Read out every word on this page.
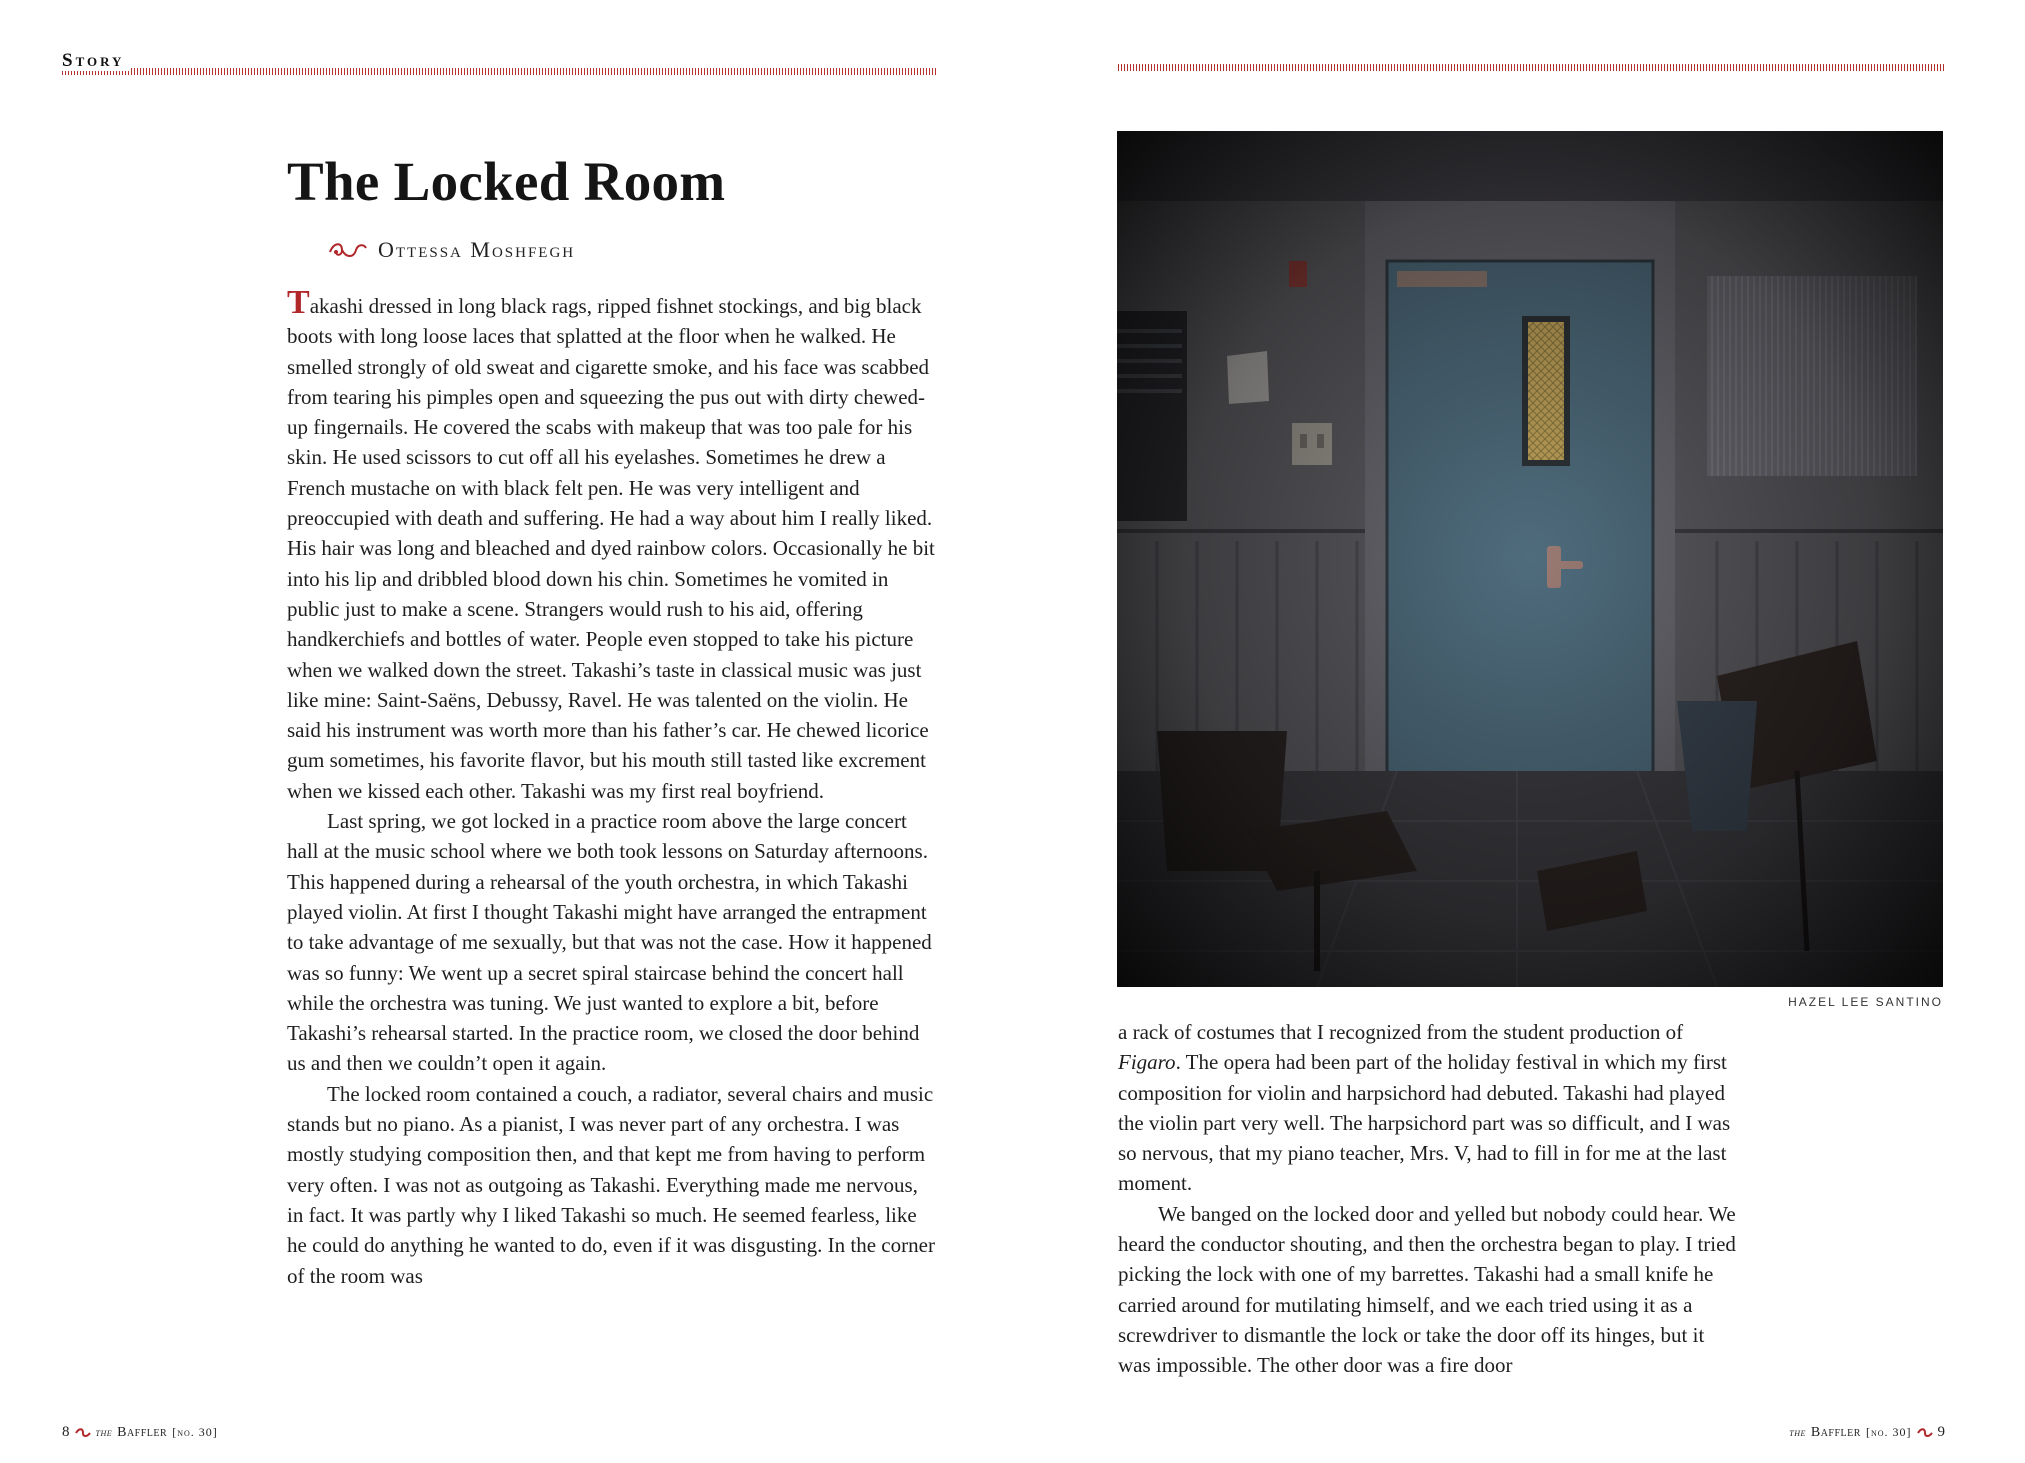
Story
The Locked Room
Ottessa Moshfegh

Takashi dressed in long black rags, ripped fishnet stockings, and big black boots with long loose laces that splatted at the floor when he walked. He smelled strongly of old sweat and cigarette smoke, and his face was scabbed from tearing his pimples open and squeezing the pus out with dirty chewed-up fingernails. He covered the scabs with makeup that was too pale for his skin. He used scissors to cut off all his eyelashes. Sometimes he drew a French mustache on with black felt pen. He was very intelligent and preoccupied with death and suffering. He had a way about him I really liked. His hair was long and bleached and dyed rainbow colors. Occasionally he bit into his lip and dribbled blood down his chin. Sometimes he vomited in public just to make a scene. Strangers would rush to his aid, offering handkerchiefs and bottles of water. People even stopped to take his picture when we walked down the street. Takashi’s taste in classical music was just like mine: Saint-Saëns, Debussy, Ravel. He was talented on the violin. He said his instrument was worth more than his father’s car. He chewed licorice gum sometimes, his favorite flavor, but his mouth still tasted like excrement when we kissed each other. Takashi was my first real boyfriend.

Last spring, we got locked in a practice room above the large concert hall at the music school where we both took lessons on Saturday afternoons. This happened during a rehearsal of the youth orchestra, in which Takashi played violin. At first I thought Takashi might have arranged the entrapment to take advantage of me sexually, but that was not the case. How it happened was so funny: We went up a secret spiral staircase behind the concert hall while the orchestra was tuning. We just wanted to explore a bit, before Takashi’s rehearsal started. In the practice room, we closed the door behind us and then we couldn’t open it again.

The locked room contained a couch, a radiator, several chairs and music stands but no piano. As a pianist, I was never part of any orchestra. I was mostly studying composition then, and that kept me from having to perform very often. I was not as outgoing as Takashi. Everything made me nervous, in fact. It was partly why I liked Takashi so much. He seemed fearless, like he could do anything he wanted to do, even if it was disgusting. In the corner of the room was

HAZEL LEE SANTINO

a rack of costumes that I recognized from the student production of Figaro. The opera had been part of the holiday festival in which my first composition for violin and harpsichord had debuted. Takashi had played the violin part very well. The harpsichord part was so difficult, and I was so nervous, that my piano teacher, Mrs. V, had to fill in for me at the last moment.

We banged on the locked door and yelled but nobody could hear. We heard the conductor shouting, and then the orchestra began to play. I tried picking the lock with one of my barrettes. Takashi had a small knife he carried around for mutilating himself, and we each tried using it as a screwdriver to dismantle the lock or take the door off its hinges, but it was impossible. The other door was a fire door

8 the Baffler [no. 30]	the Baffler [no. 30] 9
